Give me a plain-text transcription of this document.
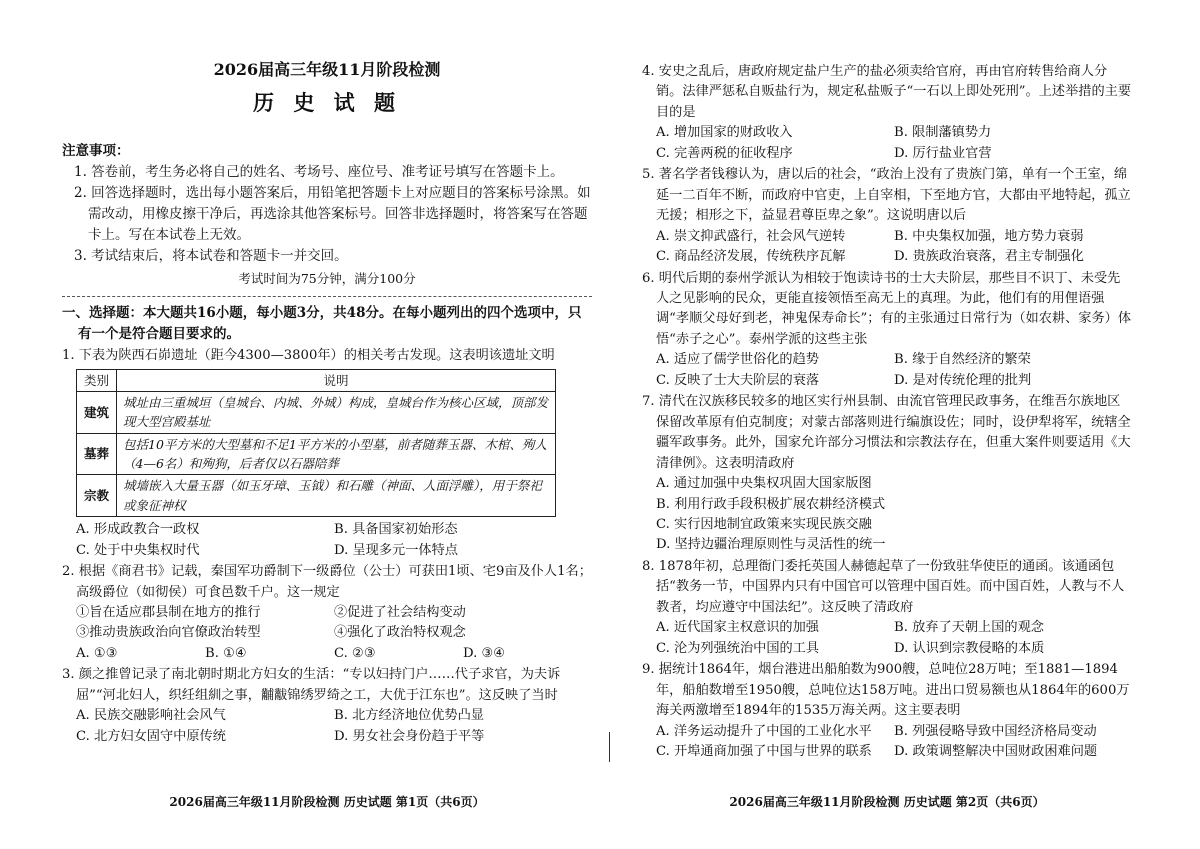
2026届高三年级11月阶段检测
历 史 试 题
注意事项：
1. 答卷前，考生务必将自己的姓名、考场号、座位号、准考证号填写在答题卡上。
2. 回答选择题时，选出每小题答案后，用铅笔把答题卡上对应题目的答案标号涂黑。如需改动，用橡皮擦干净后，再选涂其他答案标号。回答非选择题时，将答案写在答题卡上。写在本试卷上无效。
3. 考试结束后，将本试卷和答题卡一并交回。
考试时间为75分钟，满分100分
一、选择题：本大题共16小题，每小题3分，共48分。在每小题列出的四个选项中，只有一个是符合题目要求的。
1. 下表为陕西石峁遗址（距今4300—3800年）的相关考古发现。这表明该遗址文明
类别	说明
建筑	城址由三重城垣（皇城台、内城、外城）构成，皇城台作为核心区域，顶部发现大型宫殿基址
墓葬	包括10平方米的大型墓和不足1平方米的小型墓，前者随葬玉器、木棺、殉人（4—6名）和殉狗，后者仅以石器陪葬
宗教	城墙嵌入大量玉器（如玉牙璋、玉钺）和石雕（神面、人面浮雕），用于祭祀或象征神权
A. 形成政教合一政权	B. 具备国家初始形态
C. 处于中央集权时代	D. 呈现多元一体特点
2. 根据《商君书》记载，秦国军功爵制下一级爵位（公士）可获田1顷、宅9亩及仆人1名；高级爵位（如彻侯）可食邑数千户。这一规定
①旨在适应郡县制在地方的推行	②促进了社会结构变动
③推动贵族政治向官僚政治转型	④强化了政治特权观念
A. ①③	B. ①④	C. ②③	D. ③④
3. 颜之推曾记录了南北朝时期北方妇女的生活：“专以妇持门户……代子求官，为夫诉屈”“河北妇人，织纴组紃之事，黼黻锦绣罗绮之工，大优于江东也”。这反映了当时
A. 民族交融影响社会风气	B. 北方经济地位优势凸显
C. 北方妇女固守中原传统	D. 男女社会身份趋于平等
2026届高三年级11月阶段检测 历史试题 第1页（共6页）
4. 安史之乱后，唐政府规定盐户生产的盐必须卖给官府，再由官府转售给商人分销。法律严惩私自贩盐行为，规定私盐贩子“一石以上即处死刑”。上述举措的主要目的是
A. 增加国家的财政收入	B. 限制藩镇势力
C. 完善两税的征收程序	D. 厉行盐业官营
5. 著名学者钱穆认为，唐以后的社会，“政治上没有了贵族门第，单有一个王室，绵延一二百年不断，而政府中官吏，上自宰相，下至地方官，大都由平地特起，孤立无援；相形之下，益显君尊臣卑之象”。这说明唐以后
A. 崇文抑武盛行，社会风气逆转	B. 中央集权加强，地方势力衰弱
C. 商品经济发展，传统秩序瓦解	D. 贵族政治衰落，君主专制强化
6. 明代后期的泰州学派认为相较于饱读诗书的士大夫阶层，那些目不识丁、未受先人之见影响的民众，更能直接领悟至高无上的真理。为此，他们有的用俚语强调“孝顺父母好到老，神鬼保寿命长”；有的主张通过日常行为（如农耕、家务）体悟“赤子之心”。泰州学派的这些主张
A. 适应了儒学世俗化的趋势	B. 缘于自然经济的繁荣
C. 反映了士大夫阶层的衰落	D. 是对传统伦理的批判
7. 清代在汉族移民较多的地区实行州县制、由流官管理民政事务，在维吾尔族地区保留改革原有伯克制度；对蒙古部落则进行编旗设佐；同时，设伊犁将军，统辖全疆军政事务。此外，国家允许部分习惯法和宗教法存在，但重大案件则要适用《大清律例》。这表明清政府
A. 通过加强中央集权巩固大国家版图
B. 利用行政手段积极扩展农耕经济模式
C. 实行因地制宜政策来实现民族交融
D. 坚持边疆治理原则性与灵活性的统一
8. 1878年初，总理衙门委托英国人赫德起草了一份致驻华使臣的通函。该通函包括“教务一节，中国界内只有中国官可以管理中国百姓。而中国百姓，人教与不人教者，均应遵守中国法纪”。这反映了清政府
A. 近代国家主权意识的加强	B. 放弃了天朝上国的观念
C. 沦为列强统治中国的工具	D. 认识到宗教侵略的本质
9. 据统计1864年，烟台港进出船舶数为900艘，总吨位28万吨；至1881—1894年，船舶数增至1950艘，总吨位达158万吨。进出口贸易额也从1864年的600万海关两激增至1894年的1535万海关两。这主要表明
A. 洋务运动提升了中国的工业化水平	B. 列强侵略导致中国经济格局变动
C. 开埠通商加强了中国与世界的联系	D. 政策调整解决中国财政困难问题
2026届高三年级11月阶段检测 历史试题 第2页（共6页）
